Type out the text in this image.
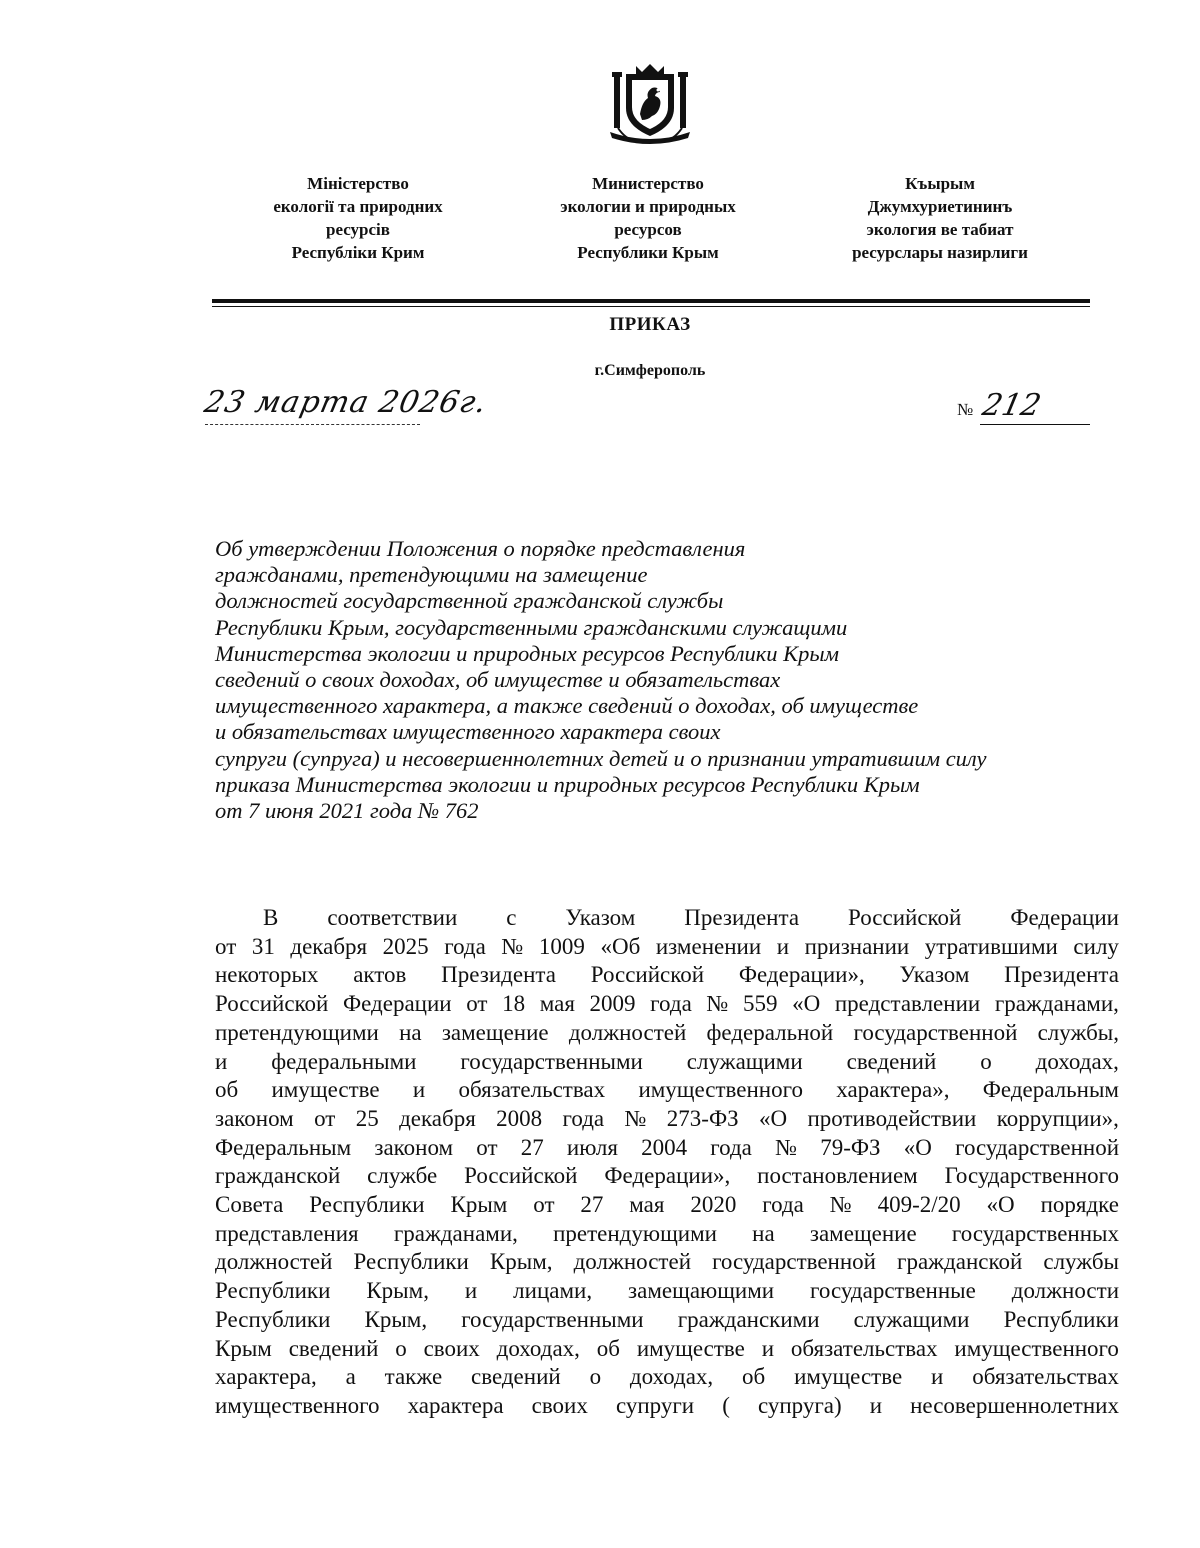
Міністерство
екології та природних
ресурсів
Республіки Крим
Министерство
экологии и природных
ресурсов
Республики Крым
Къырым
Джумхуриетининъ
экология ве табиат
ресурслары назирлиги
ПРИКАЗ
г.Симферополь
23 марта 2026г.	№ 212
Об утверждении Положения о порядке представления
гражданами, претендующими на замещение
должностей государственной гражданской службы
Республики Крым, государственными гражданскими служащими
Министерства экологии и природных ресурсов Республики Крым
сведений о своих доходах, об имуществе и обязательствах
имущественного характера, а также сведений о доходах, об имуществе
и обязательствах имущественного характера своих
супруги (супруга) и несовершеннолетних детей и о признании утратившим силу
приказа Министерства экологии и природных ресурсов Республики Крым
от 7 июня 2021 года № 762
В соответствии с Указом Президента Российской Федерации
от 31 декабря 2025 года № 1009 «Об изменении и признании утратившими силу
некоторых актов Президента Российской Федерации», Указом Президента
Российской Федерации от 18 мая 2009 года № 559 «О представлении гражданами,
претендующими на замещение должностей федеральной государственной службы,
и федеральными государственными служащими сведений о доходах,
об имуществе и обязательствах имущественного характера», Федеральным
законом от 25 декабря 2008 года № 273-ФЗ «О противодействии коррупции»,
Федеральным законом от 27 июля 2004 года № 79-ФЗ «О государственной
гражданской службе Российской Федерации», постановлением Государственного
Совета Республики Крым от 27 мая 2020 года № 409-2/20 «О порядке
представления гражданами, претендующими на замещение государственных
должностей Республики Крым, должностей государственной гражданской службы
Республики Крым, и лицами, замещающими государственные должности
Республики Крым, государственными гражданскими служащими Республики
Крым сведений о своих доходах, об имуществе и обязательствах имущественного
характера, а также сведений о доходах, об имуществе и обязательствах
имущественного характера своих супруги ( супруга) и несовершеннолетних
